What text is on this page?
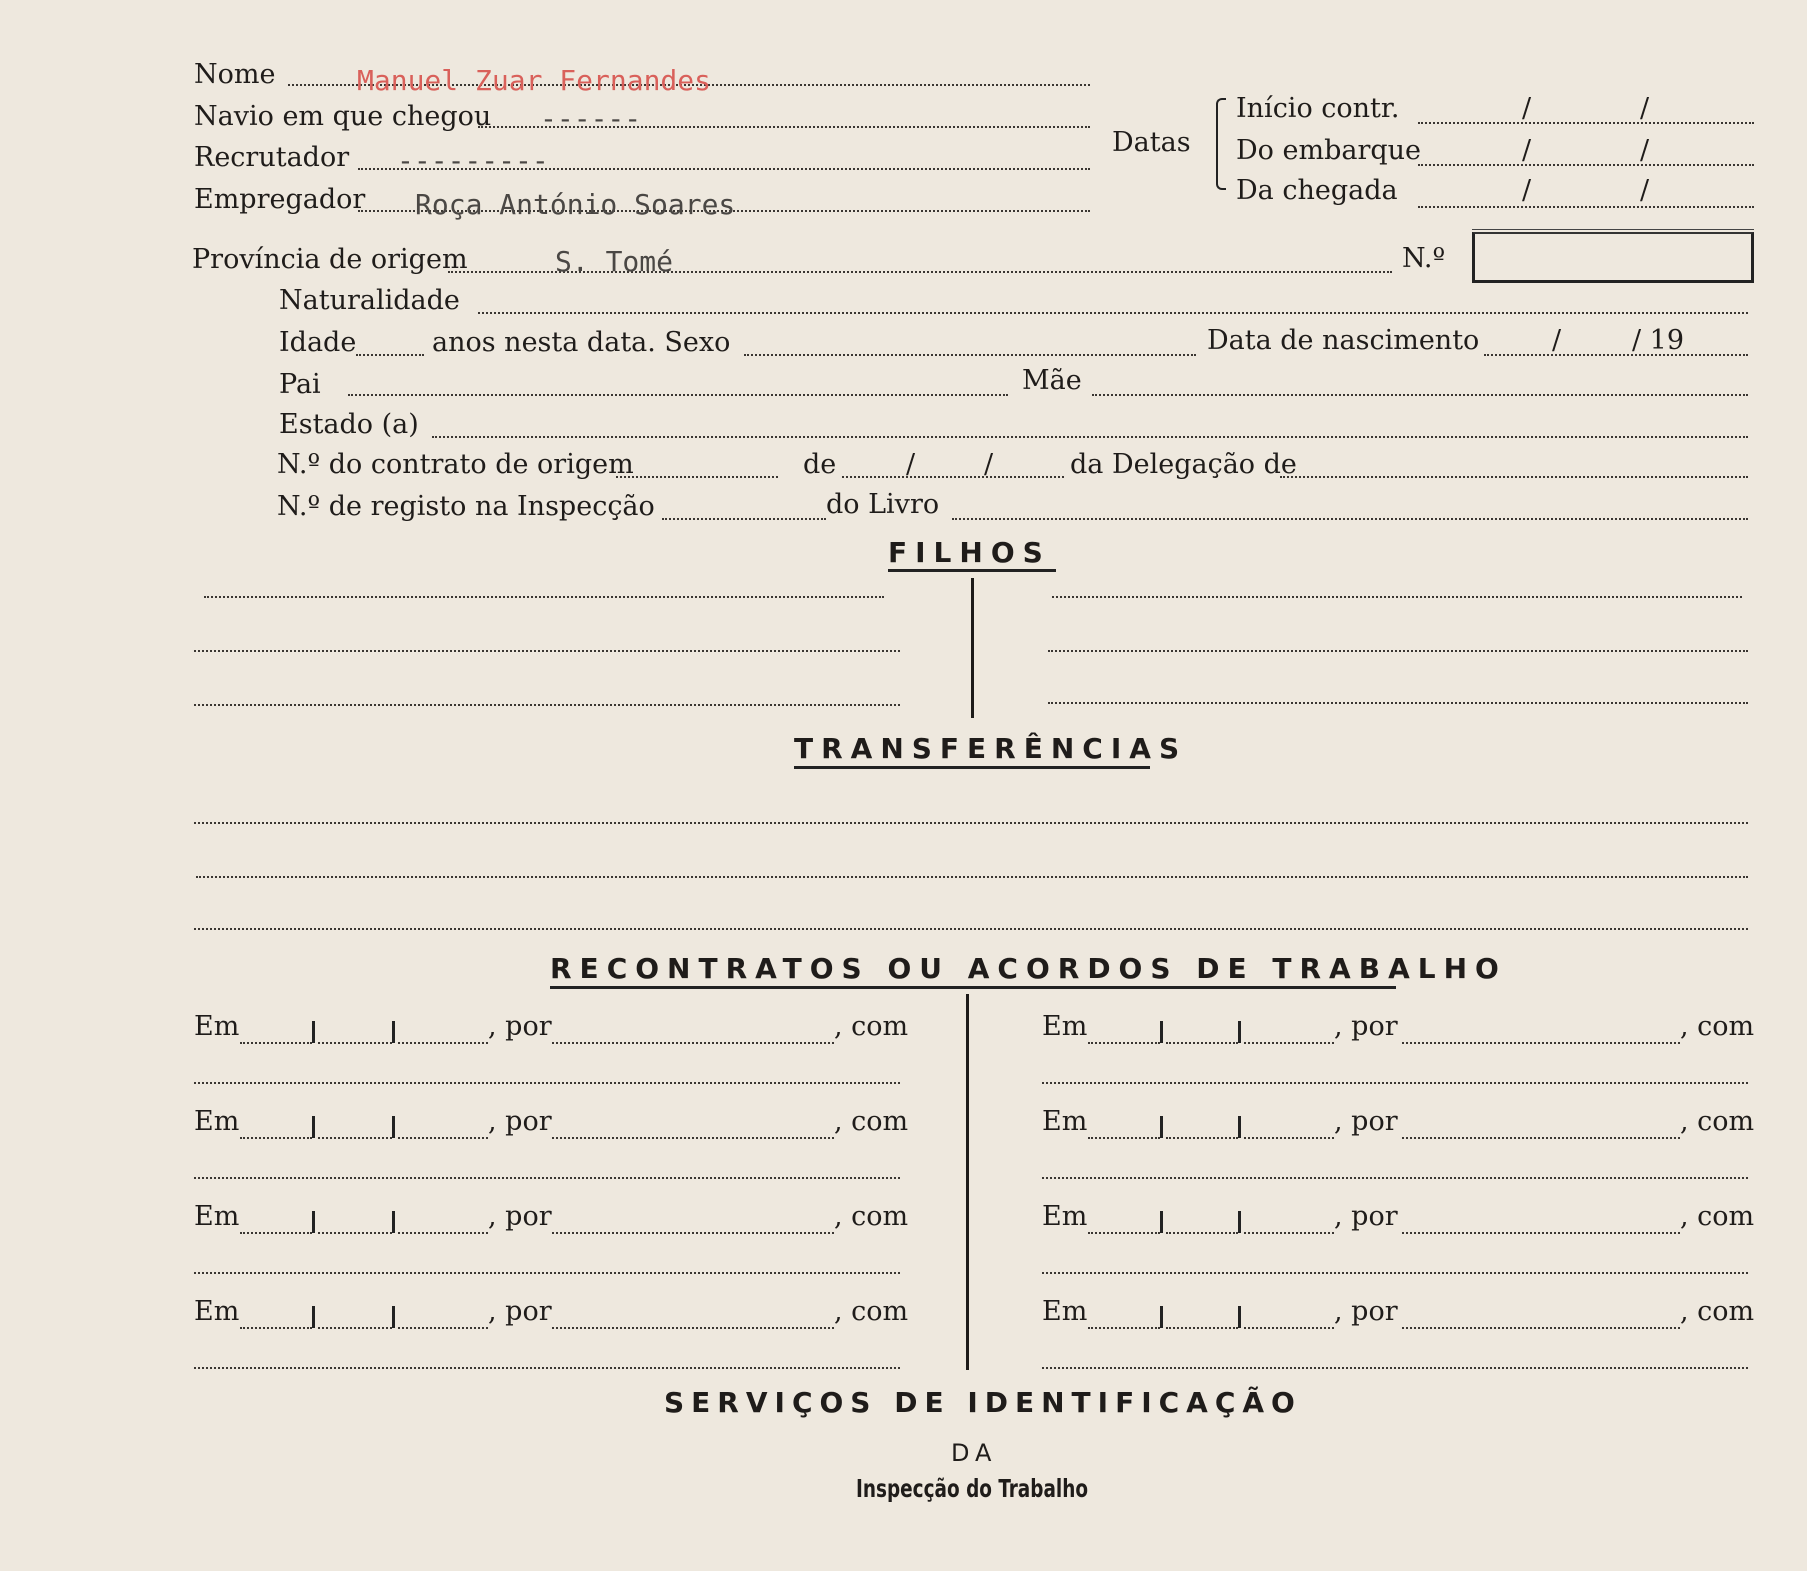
Nome	Manuel Zuar Fernandes
Navio em que chegou ------
Recrutador ---------
Empregador Roça António Soares
Datas
Início contr.	/	/
Do embarque	/	/
Da chegada	/	/
Província de origem	S. Tomé	N.º
Naturalidade
Idade	anos nesta data. Sexo	Data de nascimento	/	/ 19
Pai	Mãe
Estado (a)
N.º do contrato de origem	de	/	/	da Delegação de
N.º de registo na Inspecção	do Livro
FILHOS
TRANSFERÊNCIAS
RECONTRATOS OU ACORDOS DE TRABALHO
Em	, por	, com	Em	, por	, com
Em	, por	, com	Em	, por	, com
Em	, por	, com	Em	, por	, com
Em	, por	, com	Em	, por	, com
SERVIÇOS DE IDENTIFICAÇÃO
DA
Inspecção do Trabalho
